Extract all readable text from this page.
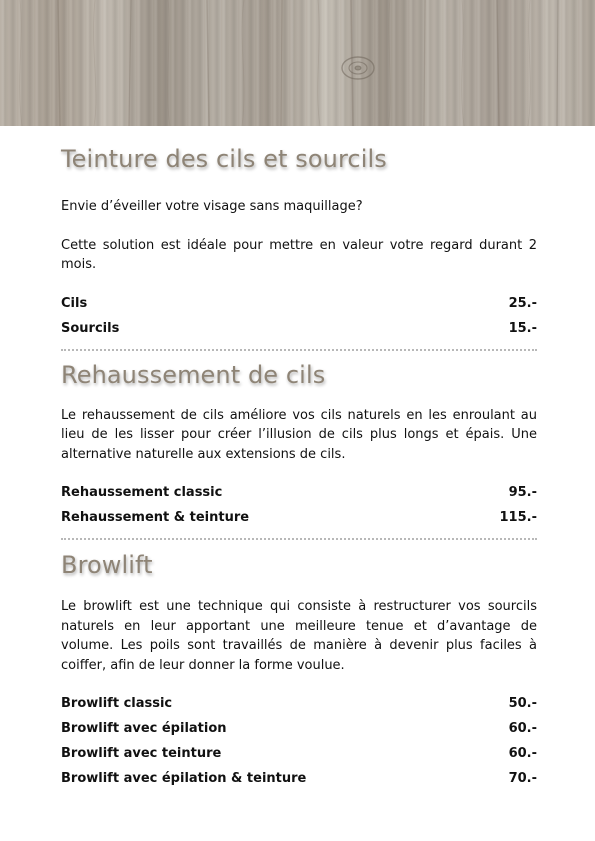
Teinture des cils et sourcils

Envie d’éveiller votre visage sans maquillage?

Cette solution est idéale pour mettre en valeur votre regard durant 2 mois.

Cils	25.-
Sourcils	15.-
Rehaussement de cils

Le rehaussement de cils améliore vos cils naturels en les enroulant au lieu de les lisser pour créer l’illusion de cils plus longs et épais. Une alternative naturelle aux extensions de cils.

Rehaussement classic	95.-
Rehaussement & teinture	115.-
Browlift

Le browlift est une technique qui consiste à restructurer vos sourcils naturels en leur apportant une meilleure tenue et d’avantage de volume. Les poils sont travaillés de manière à devenir plus faciles à coiffer, afin de leur donner la forme voulue.

Browlift classic	50.-
Browlift avec épilation	60.-
Browlift avec teinture	60.-
Browlift avec épilation & teinture	70.-
